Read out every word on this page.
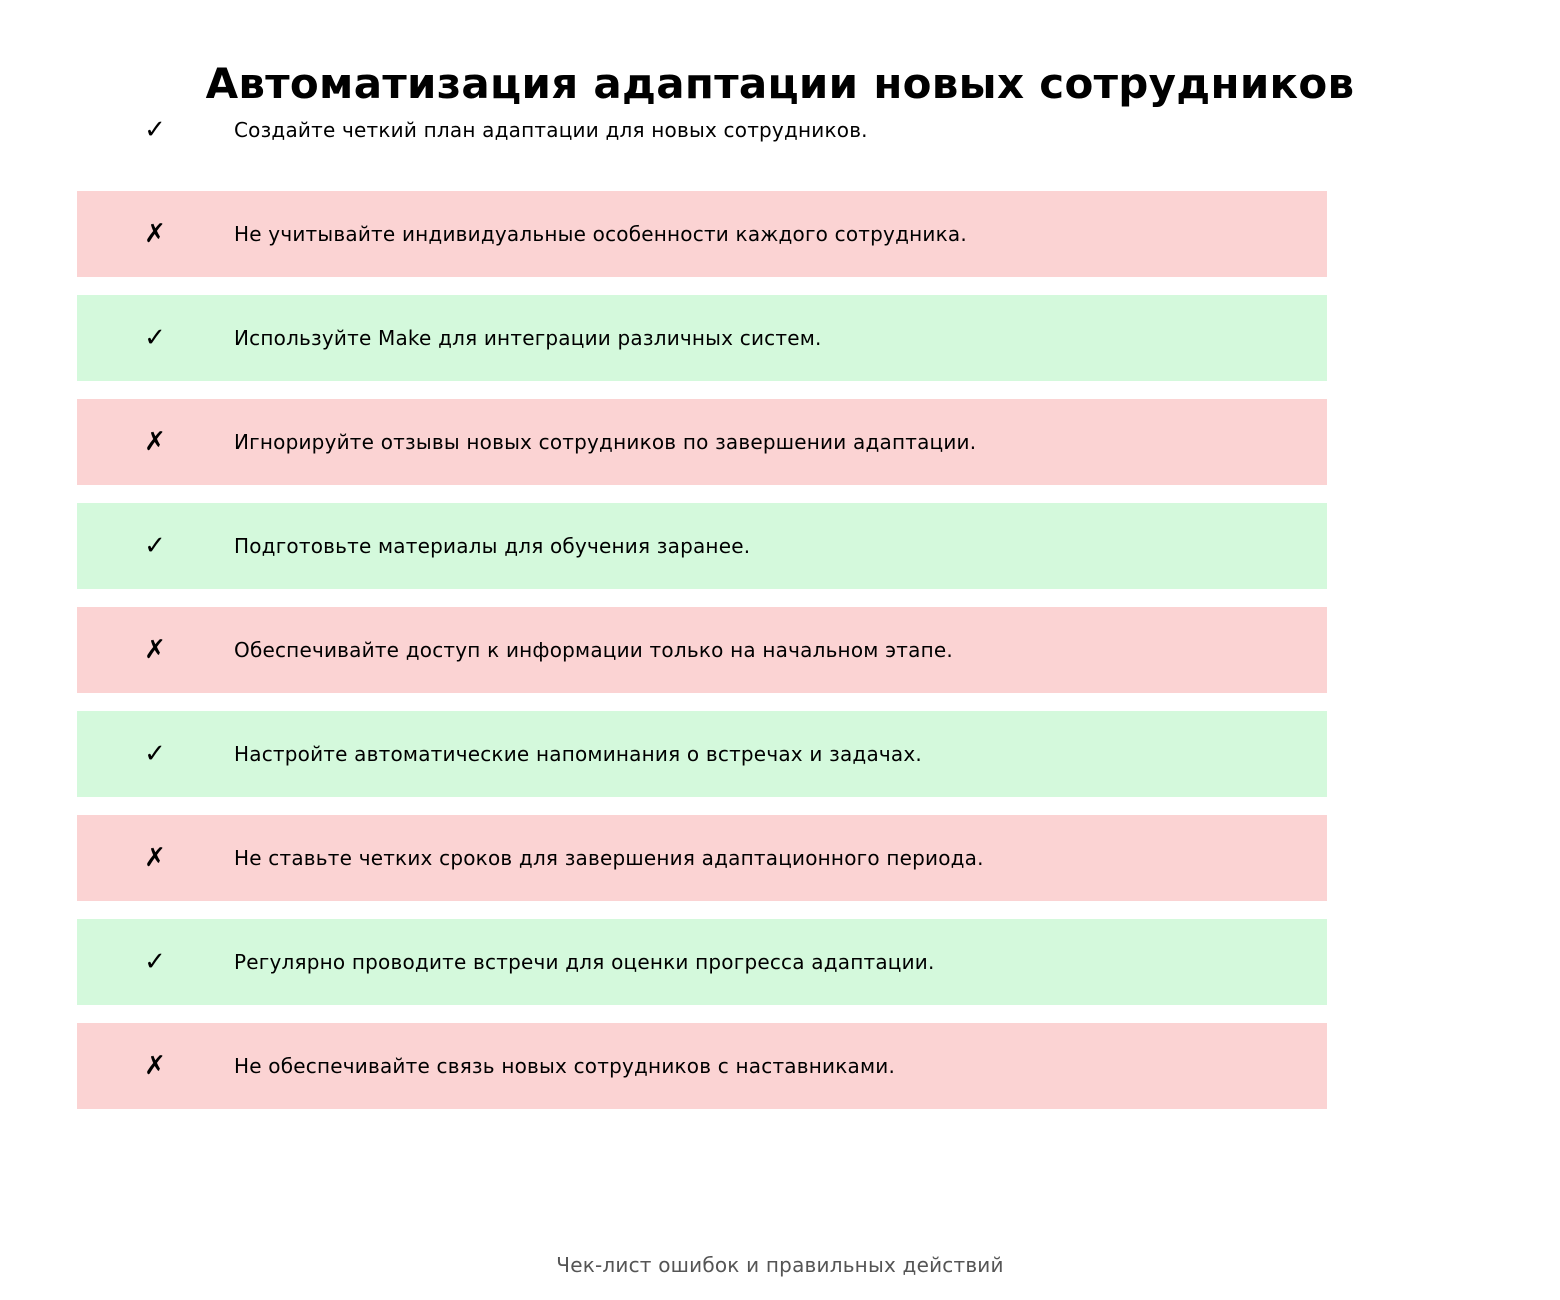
Автоматизация адаптации новых сотрудников
✓	Создайте четкий план адаптации для новых сотрудников.
✗	Не учитывайте индивидуальные особенности каждого сотрудника.
✓	Используйте Make для интеграции различных систем.
✗	Игнорируйте отзывы новых сотрудников по завершении адаптации.
✓	Подготовьте материалы для обучения заранее.
✗	Обеспечивайте доступ к информации только на начальном этапе.
✓	Настройте автоматические напоминания о встречах и задачах.
✗	Не ставьте четких сроков для завершения адаптационного периода.
✓	Регулярно проводите встречи для оценки прогресса адаптации.
✗	Не обеспечивайте связь новых сотрудников с наставниками.
Чек-лист ошибок и правильных действий
